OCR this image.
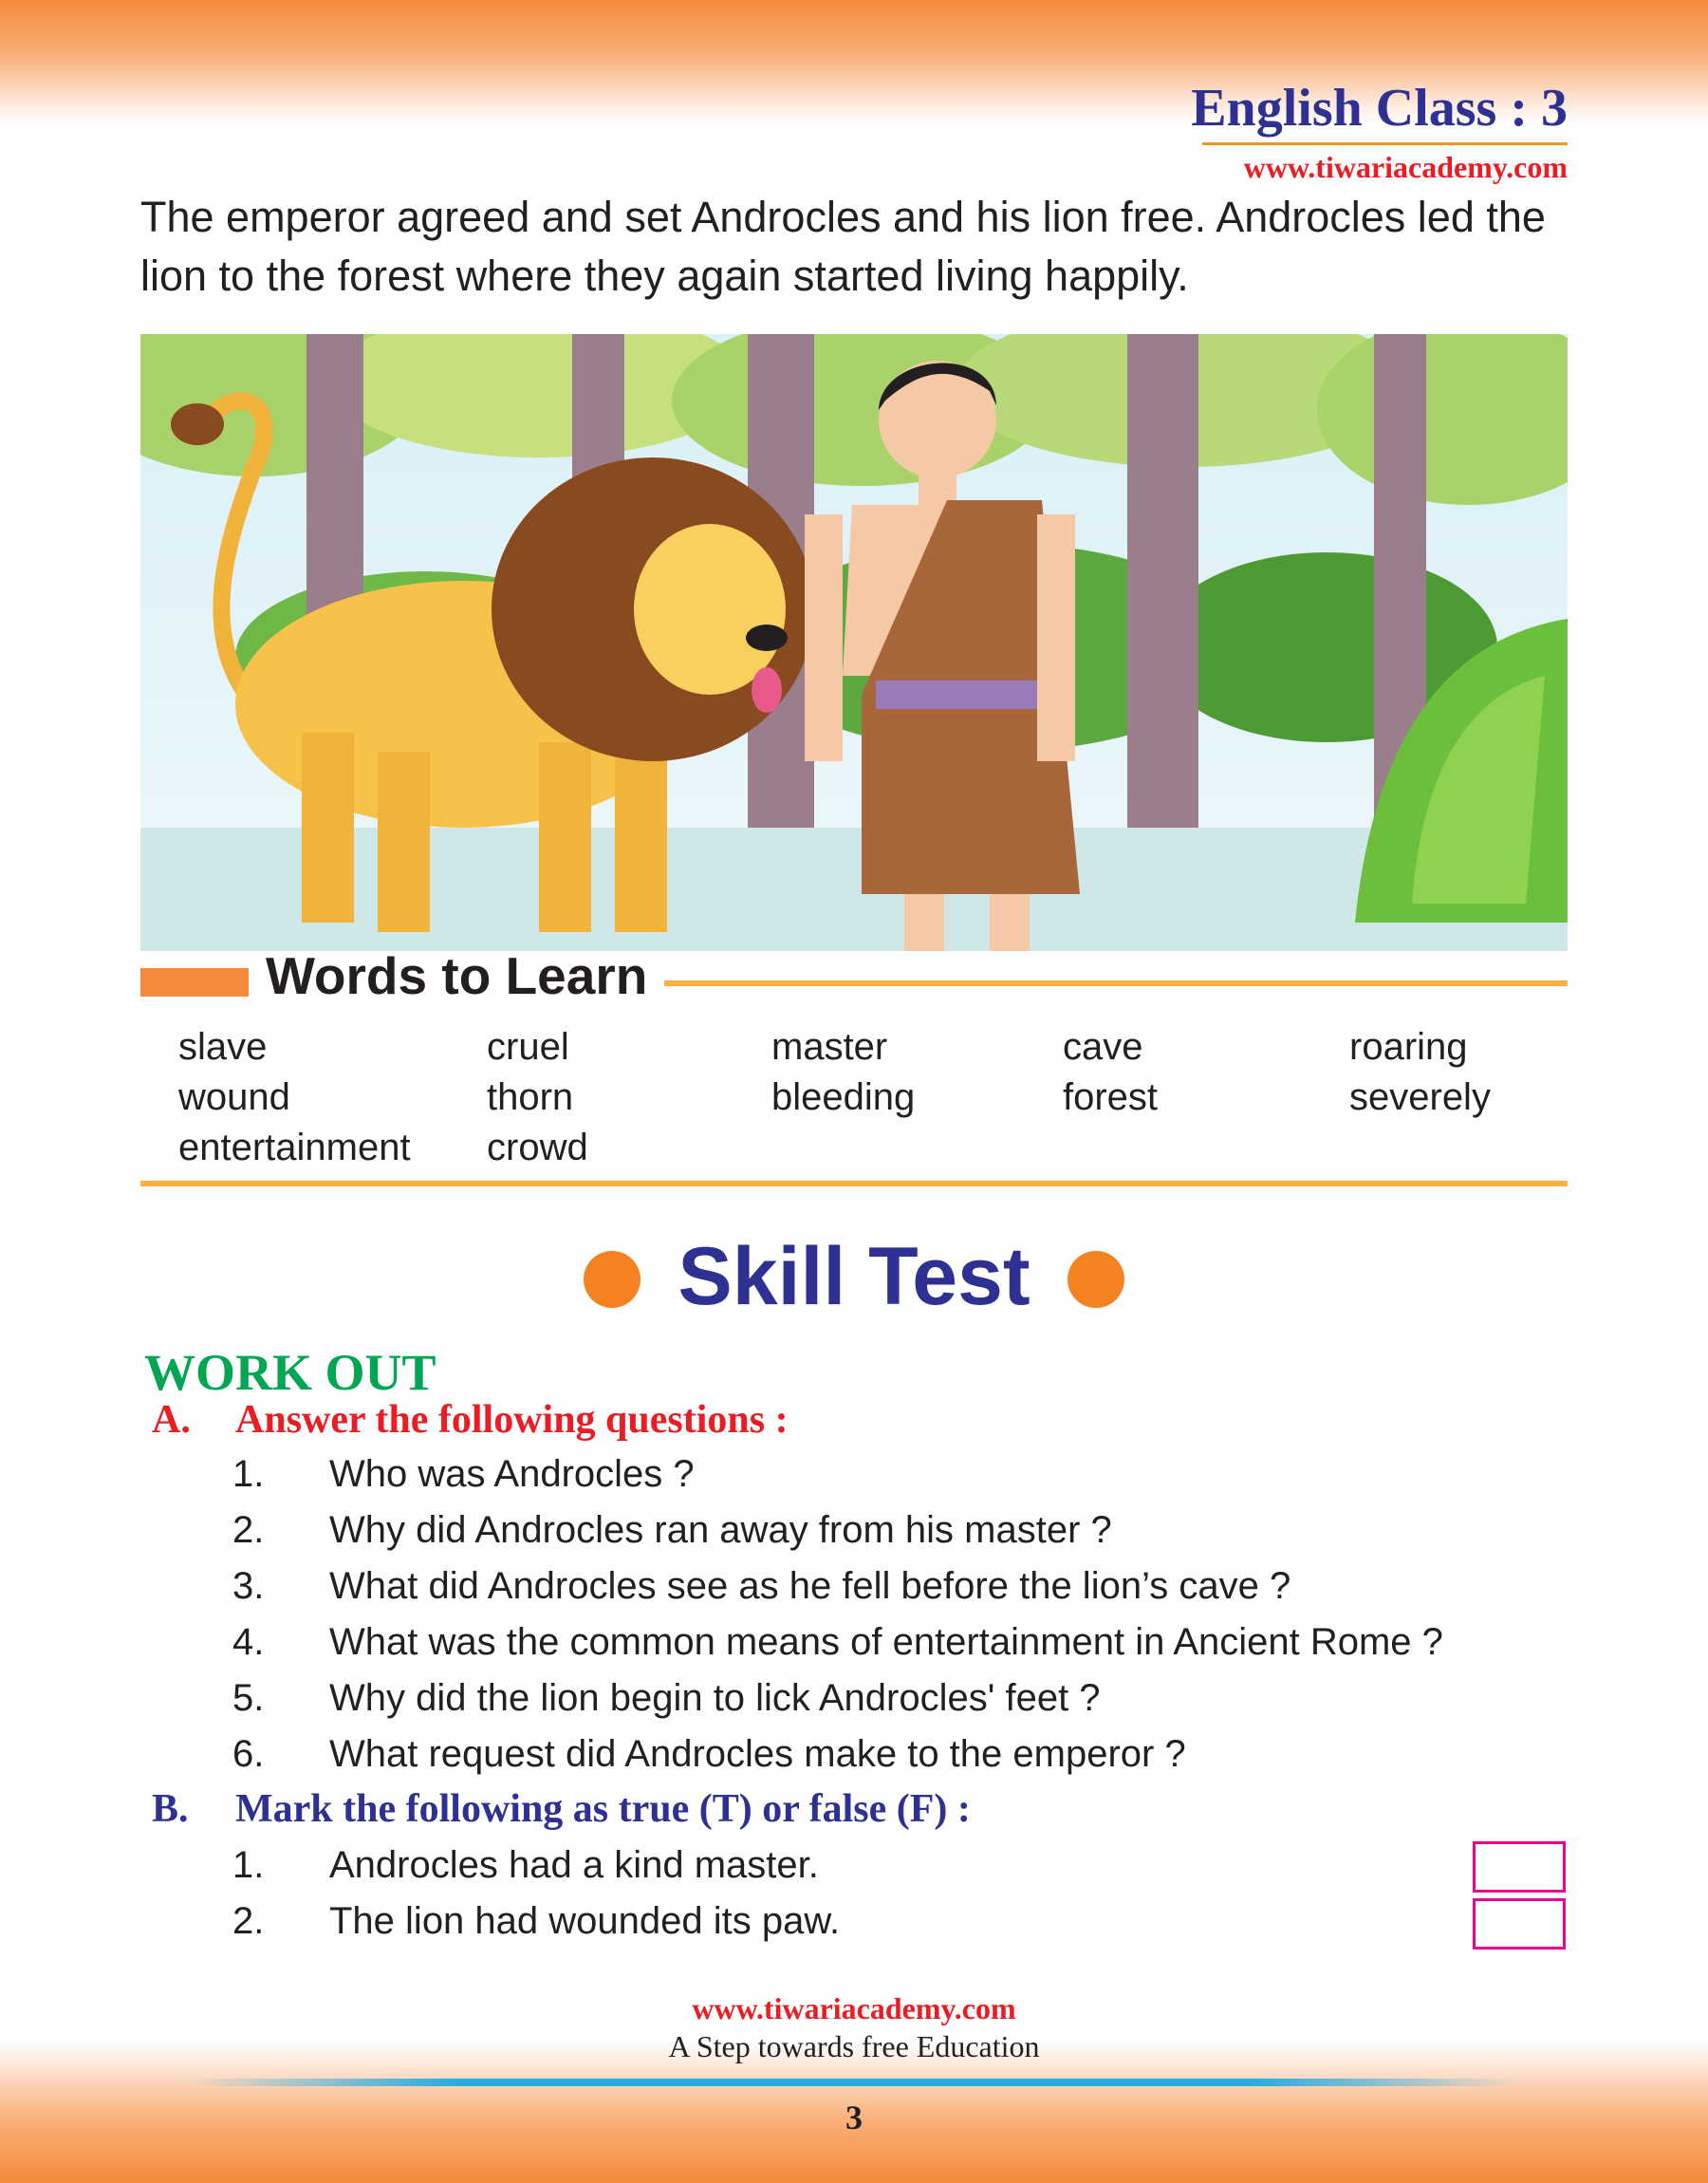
English Class : 3
www.tiwariacademy.com

The emperor agreed and set Androcles and his lion free. Androcles led the lion to the forest where they again started living happily.

Words to Learn
slave	cruel	master	cave	roaring
wound	thorn	bleeding	forest	severely
entertainment	crowd
Skill Test
WORK OUT
A. Answer the following questions :
1.	Who was Androcles ?
2.	Why did Androcles ran away from his master ?
3.	What did Androcles see as he fell before the lion’s cave ?
4.	What was the common means of entertainment in Ancient Rome ?
5.	Why did the lion begin to lick Androcles' feet ?
6.	What request did Androcles make to the emperor ?
B. Mark the following as true (T) or false (F) :
1.	Androcles had a kind master.
2.	The lion had wounded its paw.
www.tiwariacademy.com
A Step towards free Education
3
